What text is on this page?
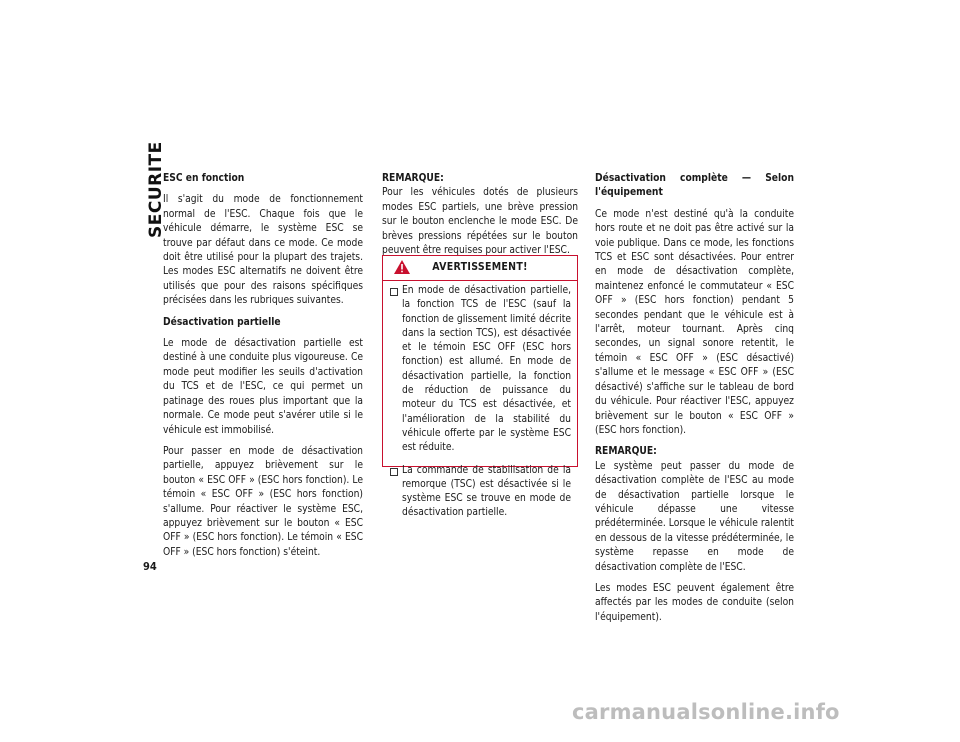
SECURITE
ESC en fonction

Il s'agit du mode de fonctionnement normal de l'ESC. Chaque fois que le véhicule démarre, le système ESC se trouve par défaut dans ce mode. Ce mode doit être utilisé pour la plupart des trajets. Les modes ESC alternatifs ne doivent être utilisés que pour des raisons spécifiques précisées dans les rubriques suivantes.

Désactivation partielle

Le mode de désactivation partielle est destiné à une conduite plus vigoureuse. Ce mode peut modifier les seuils d'activation du TCS et de l'ESC, ce qui permet un patinage des roues plus important que la normale. Ce mode peut s'avérer utile si le véhicule est immobilisé.

Pour passer en mode de désactivation partielle, appuyez brièvement sur le bouton « ESC OFF » (ESC hors fonction). Le témoin « ESC OFF » (ESC hors fonction) s'allume. Pour réactiver le système ESC, appuyez brièvement sur le bouton « ESC OFF » (ESC hors fonction). Le témoin « ESC OFF » (ESC hors fonction) s'éteint.

REMARQUE:
Pour les véhicules dotés de plusieurs modes ESC partiels, une brève pression sur le bouton enclenche le mode ESC. De brèves pressions répétées sur le bouton peuvent être requises pour activer l'ESC.

AVERTISSEMENT!
En mode de désactivation partielle, la fonction TCS de l'ESC (sauf la fonction de glissement limité décrite dans la section TCS), est désactivée et le témoin ESC OFF (ESC hors fonction) est allumé. En mode de désactivation partielle, la fonction de réduction de puissance du moteur du TCS est désactivée, et l'amélioration de la stabilité du véhicule offerte par le système ESC est réduite.
La commande de stabilisation de la remorque (TSC) est désactivée si le système ESC se trouve en mode de désactivation partielle.
Désactivation complète — Selon l'équipement

Ce mode n'est destiné qu'à la conduite hors route et ne doit pas être activé sur la voie publique. Dans ce mode, les fonctions TCS et ESC sont désactivées. Pour entrer en mode de désactivation complète, maintenez enfoncé le commutateur « ESC OFF » (ESC hors fonction) pendant 5 secondes pendant que le véhicule est à l'arrêt, moteur tournant. Après cinq secondes, un signal sonore retentit, le témoin « ESC OFF » (ESC désactivé) s'allume et le message « ESC OFF » (ESC désactivé) s'affiche sur le tableau de bord du véhicule. Pour réactiver l'ESC, appuyez brièvement sur le bouton « ESC OFF » (ESC hors fonction).

REMARQUE:
Le système peut passer du mode de désactivation complète de l'ESC au mode de désactivation partielle lorsque le véhicule dépasse une vitesse prédéterminée. Lorsque le véhicule ralentit en dessous de la vitesse prédéterminée, le système repasse en mode de désactivation complète de l'ESC.

Les modes ESC peuvent également être affectés par les modes de conduite (selon l'équipement).

94
carmanualsonline.info
